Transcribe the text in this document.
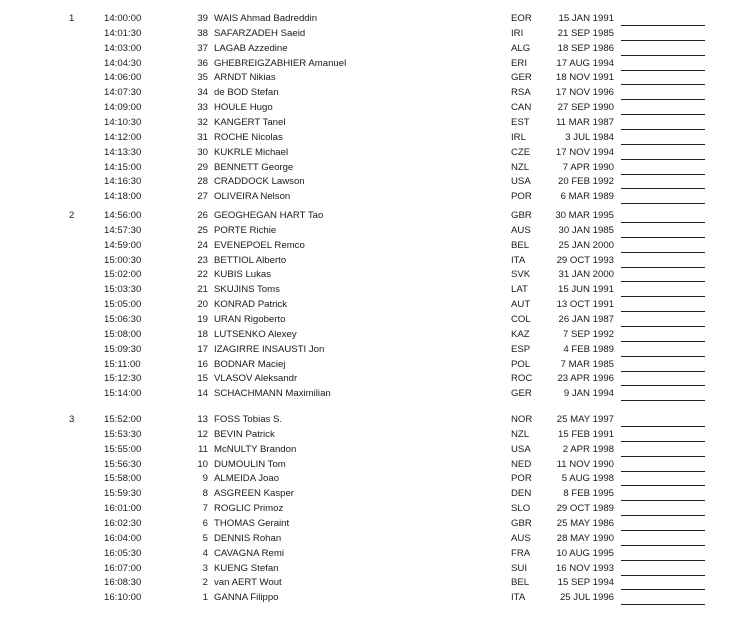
1	14:00:00	39 WAIS Ahmad Badreddin	EOR	15 JAN 1991
14:01:30	38 SAFARZADEH Saeid	IRI	21 SEP 1985
14:03:00	37 LAGAB Azzedine	ALG	18 SEP 1986
14:04:30	36 GHEBREIGZABHIER Amanuel	ERI	17 AUG 1994
14:06:00	35 ARNDT Nikias	GER	18 NOV 1991
14:07:30	34 de BOD Stefan	RSA	17 NOV 1996
14:09:00	33 HOULE Hugo	CAN	27 SEP 1990
14:10:30	32 KANGERT Tanel	EST	11 MAR 1987
14:12:00	31 ROCHE Nicolas	IRL	3 JUL 1984
14:13:30	30 KUKRLE Michael	CZE	17 NOV 1994
14:15:00	29 BENNETT George	NZL	7 APR 1990
14:16:30	28 CRADDOCK Lawson	USA	20 FEB 1992
14:18:00	27 OLIVEIRA Nelson	POR	6 MAR 1989
2	14:56:00	26 GEOGHEGAN HART Tao	GBR	30 MAR 1995
14:57:30	25 PORTE Richie	AUS	30 JAN 1985
14:59:00	24 EVENEPOEL Remco	BEL	25 JAN 2000
15:00:30	23 BETTIOL Alberto	ITA	29 OCT 1993
15:02:00	22 KUBIS Lukas	SVK	31 JAN 2000
15:03:30	21 SKUJINS Toms	LAT	15 JUN 1991
15:05:00	20 KONRAD Patrick	AUT	13 OCT 1991
15:06:30	19 URAN Rigoberto	COL	26 JAN 1987
15:08:00	18 LUTSENKO Alexey	KAZ	7 SEP 1992
15:09:30	17 IZAGIRRE INSAUSTI Jon	ESP	4 FEB 1989
15:11:00	16 BODNAR Maciej	POL	7 MAR 1985
15:12:30	15 VLASOV Aleksandr	ROC	23 APR 1996
15:14:00	14 SCHACHMANN Maximilian	GER	9 JAN 1994
3	15:52:00	13 FOSS Tobias S.	NOR	25 MAY 1997
15:53:30	12 BEVIN Patrick	NZL	15 FEB 1991
15:55:00	11 McNULTY Brandon	USA	2 APR 1998
15:56:30	10 DUMOULIN Tom	NED	11 NOV 1990
15:58:00	9 ALMEIDA Joao	POR	5 AUG 1998
15:59:30	8 ASGREEN Kasper	DEN	8 FEB 1995
16:01:00	7 ROGLIC Primoz	SLO	29 OCT 1989
16:02:30	6 THOMAS Geraint	GBR	25 MAY 1986
16:04:00	5 DENNIS Rohan	AUS	28 MAY 1990
16:05:30	4 CAVAGNA Remi	FRA	10 AUG 1995
16:07:00	3 KUENG Stefan	SUI	16 NOV 1993
16:08:30	2 van AERT Wout	BEL	15 SEP 1994
16:10:00	1 GANNA Filippo	ITA	25 JUL 1996
